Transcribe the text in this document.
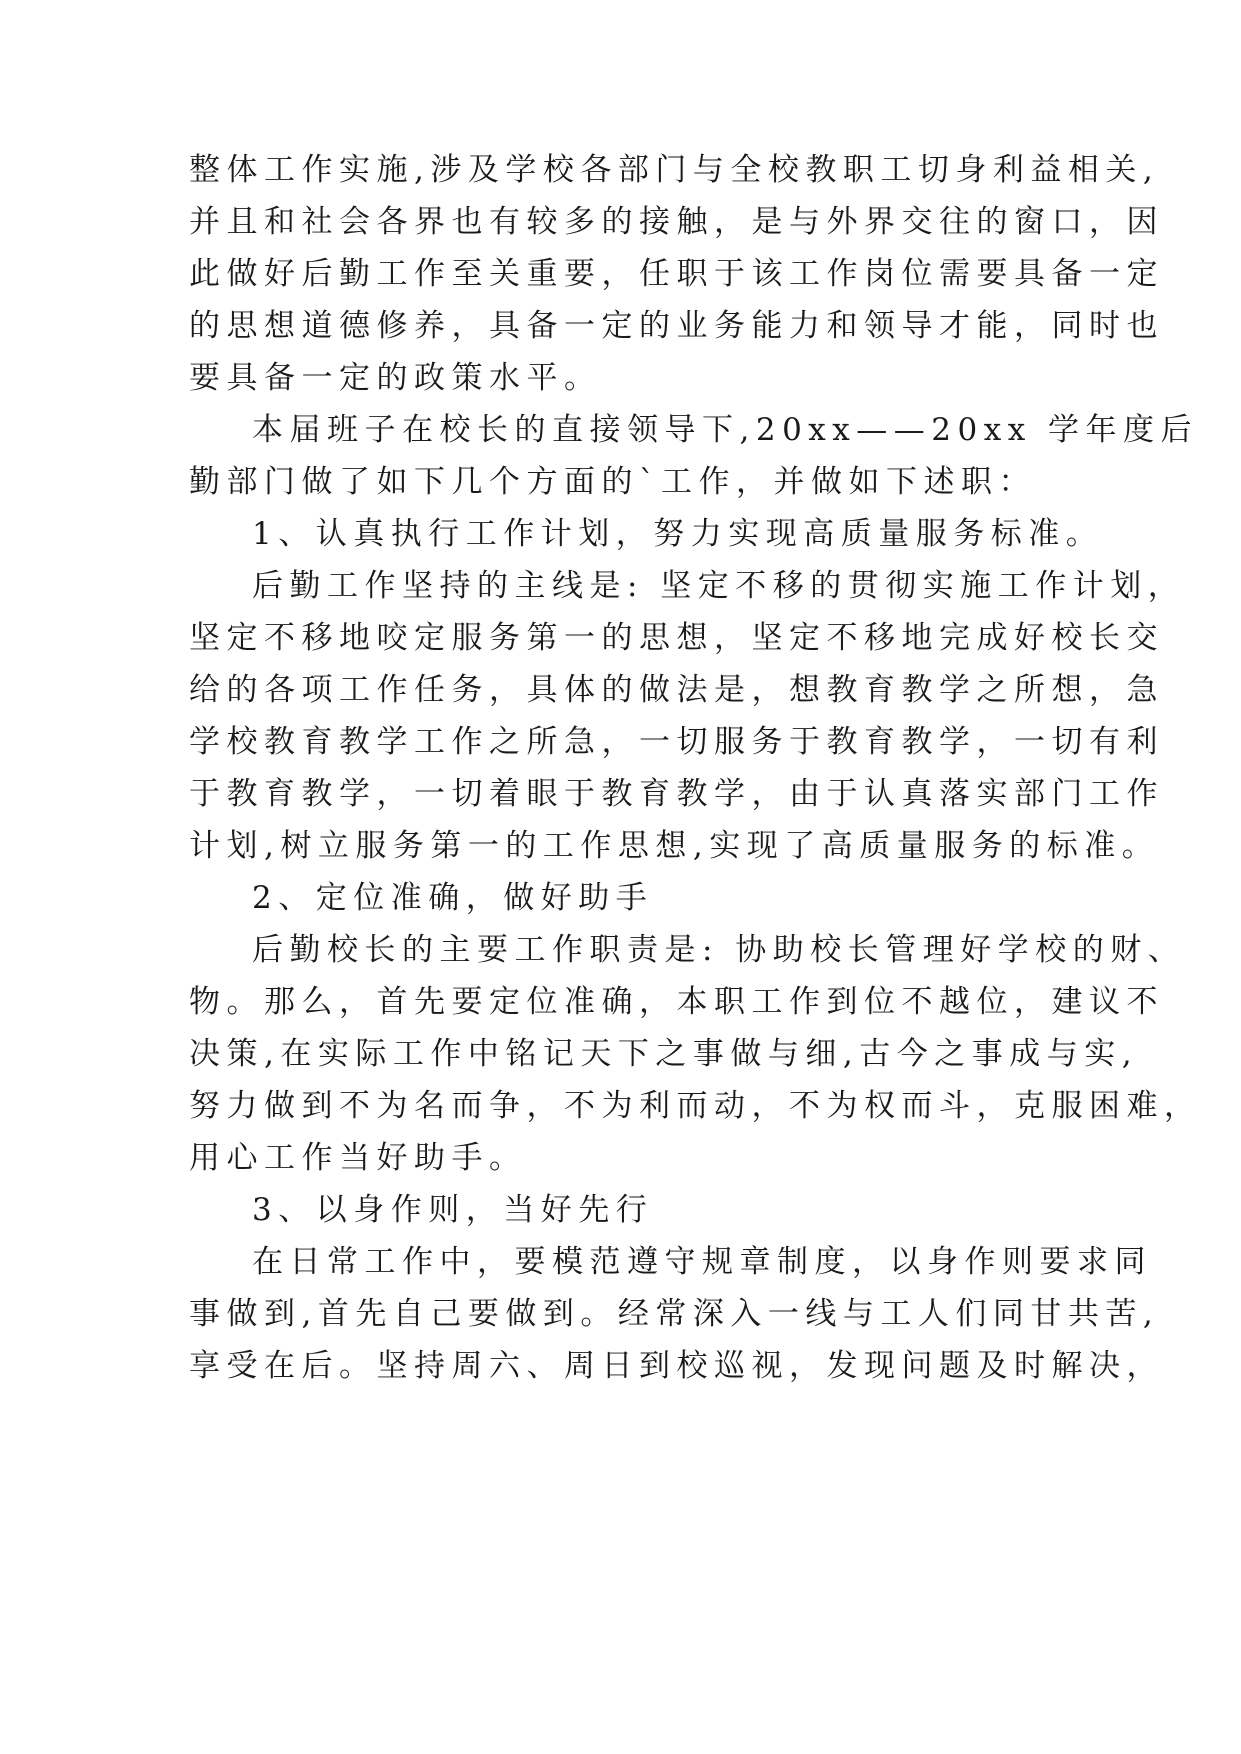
整体工作实施,涉及学校各部门与全校教职工切身利益相关,
并且和社会各界也有较多的接触，是与外界交往的窗口，因
此做好后勤工作至关重要，任职于该工作岗位需要具备一定
的思想道德修养，具备一定的业务能力和领导才能，同时也
要具备一定的政策水平。
本届班子在校长的直接领导下,20xx——20xx 学年度后
勤部门做了如下几个方面的`工作，并做如下述职：
1、认真执行工作计划，努力实现高质量服务标准。
后勤工作坚持的主线是: 坚定不移的贯彻实施工作计划，
坚定不移地咬定服务第一的思想，坚定不移地完成好校长交
给的各项工作任务，具体的做法是，想教育教学之所想，急
学校教育教学工作之所急，一切服务于教育教学，一切有利
于教育教学，一切着眼于教育教学，由于认真落实部门工作
计划,树立服务第一的工作思想,实现了高质量服务的标准。
2、定位准确，做好助手
后勤校长的主要工作职责是: 协助校长管理好学校的财、
物。那么，首先要定位准确，本职工作到位不越位，建议不
决策,在实际工作中铭记天下之事做与细,古今之事成与实,
努力做到不为名而争，不为利而动，不为权而斗，克服困难，
用心工作当好助手。
3、以身作则，当好先行
在日常工作中，要模范遵守规章制度，以身作则要求同
事做到,首先自己要做到。经常深入一线与工人们同甘共苦,
享受在后。坚持周六、周日到校巡视，发现问题及时解决，
